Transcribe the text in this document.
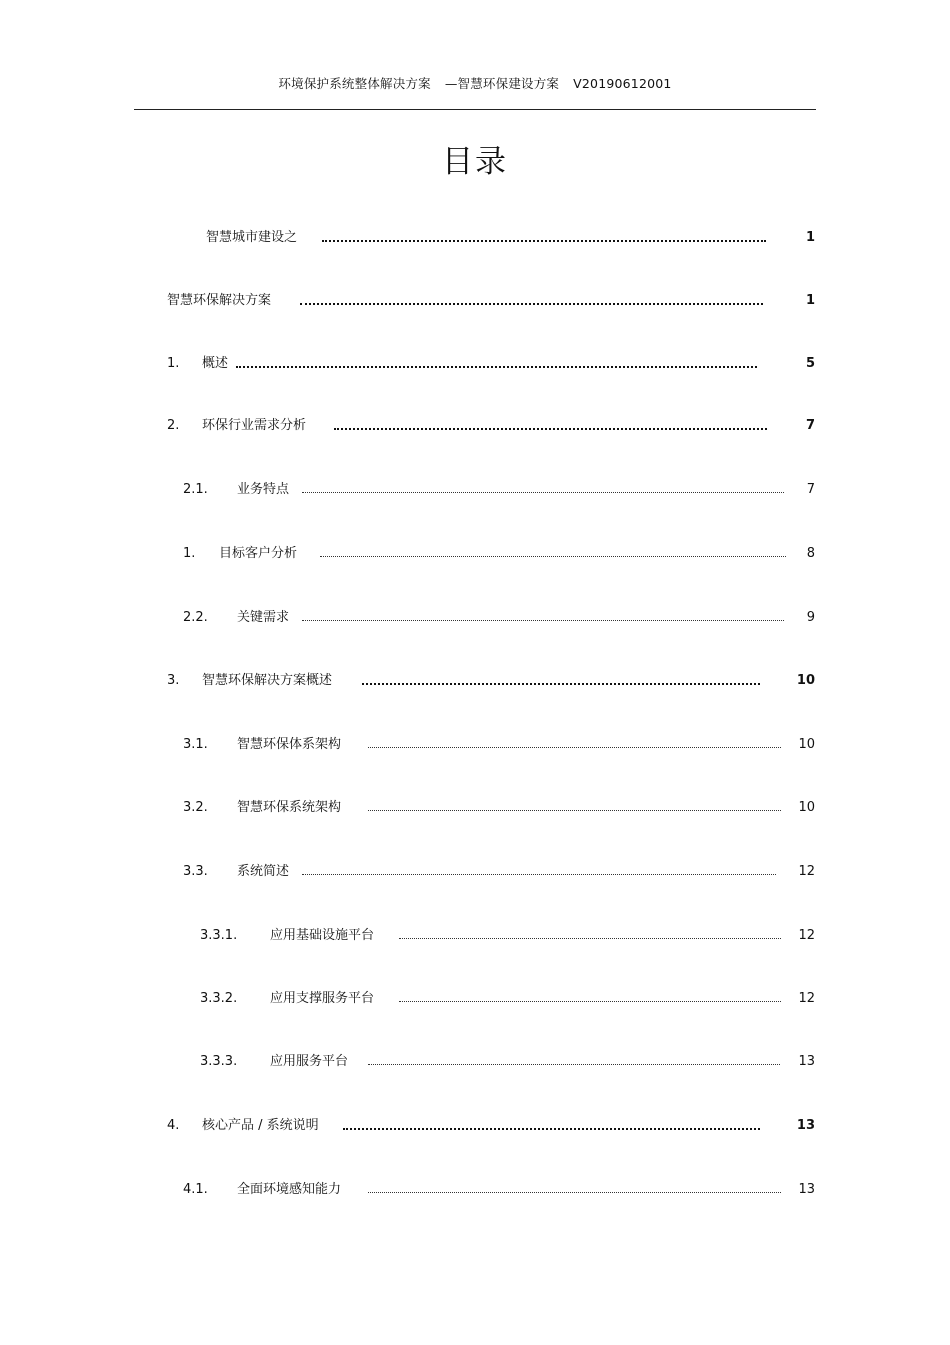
环境保护系统整体解决方案 —智慧环保建设方案 V20190612001
目录
智慧城市建设之	1
智慧环保解决方案	1
1. 概述	5
2. 环保行业需求分析	7
2.1. 业务特点	7
1. 目标客户分析	8
2.2. 关键需求	9
3. 智慧环保解决方案概述	10
3.1. 智慧环保体系架构	10
3.2. 智慧环保系统架构	10
3.3. 系统简述	12
3.3.1.	应用基础设施平台	12
3.3.2.	应用支撑服务平台	12
3.3.3.	应用服务平台	13
4. 核心产品 / 系统说明	13
4.1. 全面环境感知能力	13
